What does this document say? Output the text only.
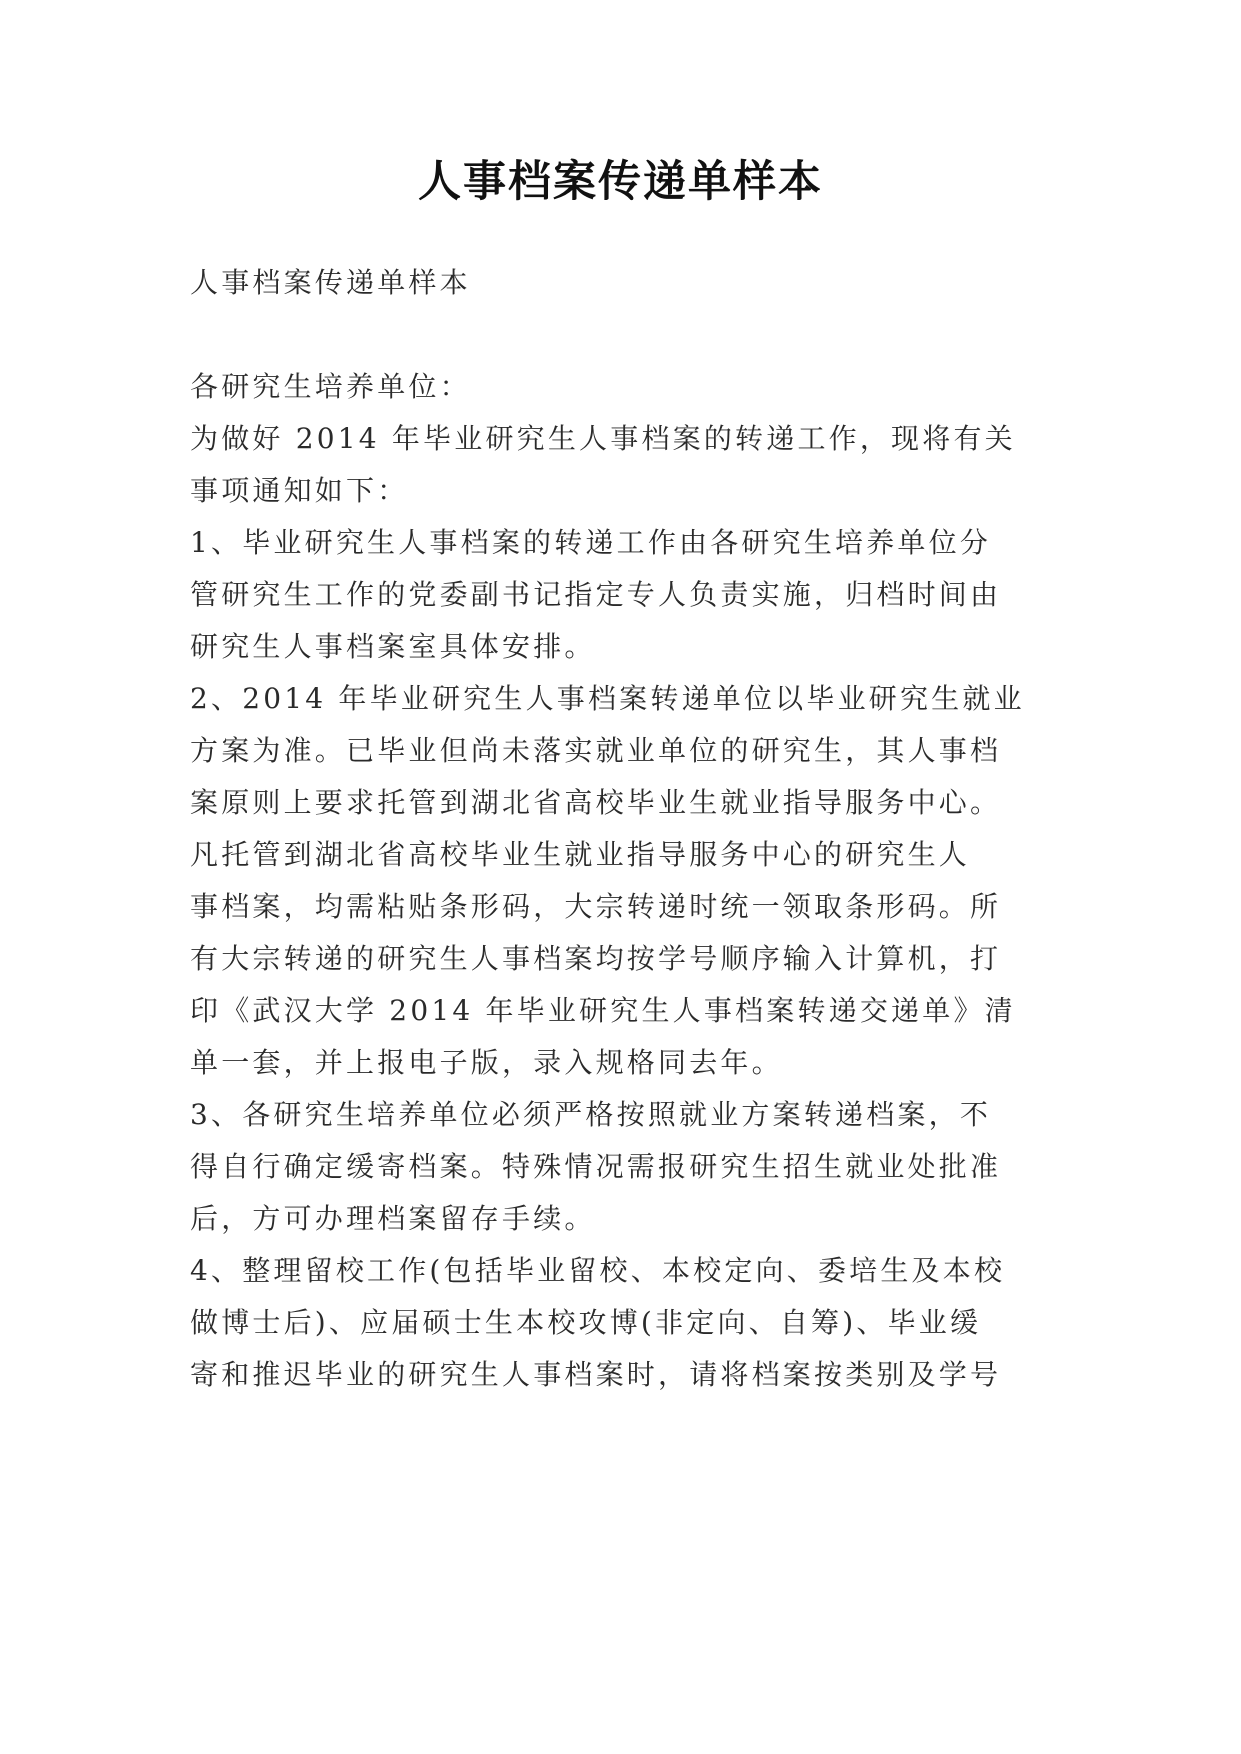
人事档案传递单样本
人事档案传递单样本
各研究生培养单位：
为做好 2014 年毕业研究生人事档案的转递工作，现将有关
事项通知如下：
1、毕业研究生人事档案的转递工作由各研究生培养单位分
管研究生工作的党委副书记指定专人负责实施，归档时间由
研究生人事档案室具体安排。
2、2014 年毕业研究生人事档案转递单位以毕业研究生就业
方案为准。已毕业但尚未落实就业单位的研究生，其人事档
案原则上要求托管到湖北省高校毕业生就业指导服务中心。
凡托管到湖北省高校毕业生就业指导服务中心的研究生人
事档案，均需粘贴条形码，大宗转递时统一领取条形码。所
有大宗转递的研究生人事档案均按学号顺序输入计算机，打
印《武汉大学 2014 年毕业研究生人事档案转递交递单》清
单一套，并上报电子版，录入规格同去年。
3、各研究生培养单位必须严格按照就业方案转递档案，不
得自行确定缓寄档案。特殊情况需报研究生招生就业处批准
后，方可办理档案留存手续。
4、整理留校工作(包括毕业留校、本校定向、委培生及本校
做博士后)、应届硕士生本校攻博(非定向、自筹)、毕业缓
寄和推迟毕业的研究生人事档案时，请将档案按类别及学号
